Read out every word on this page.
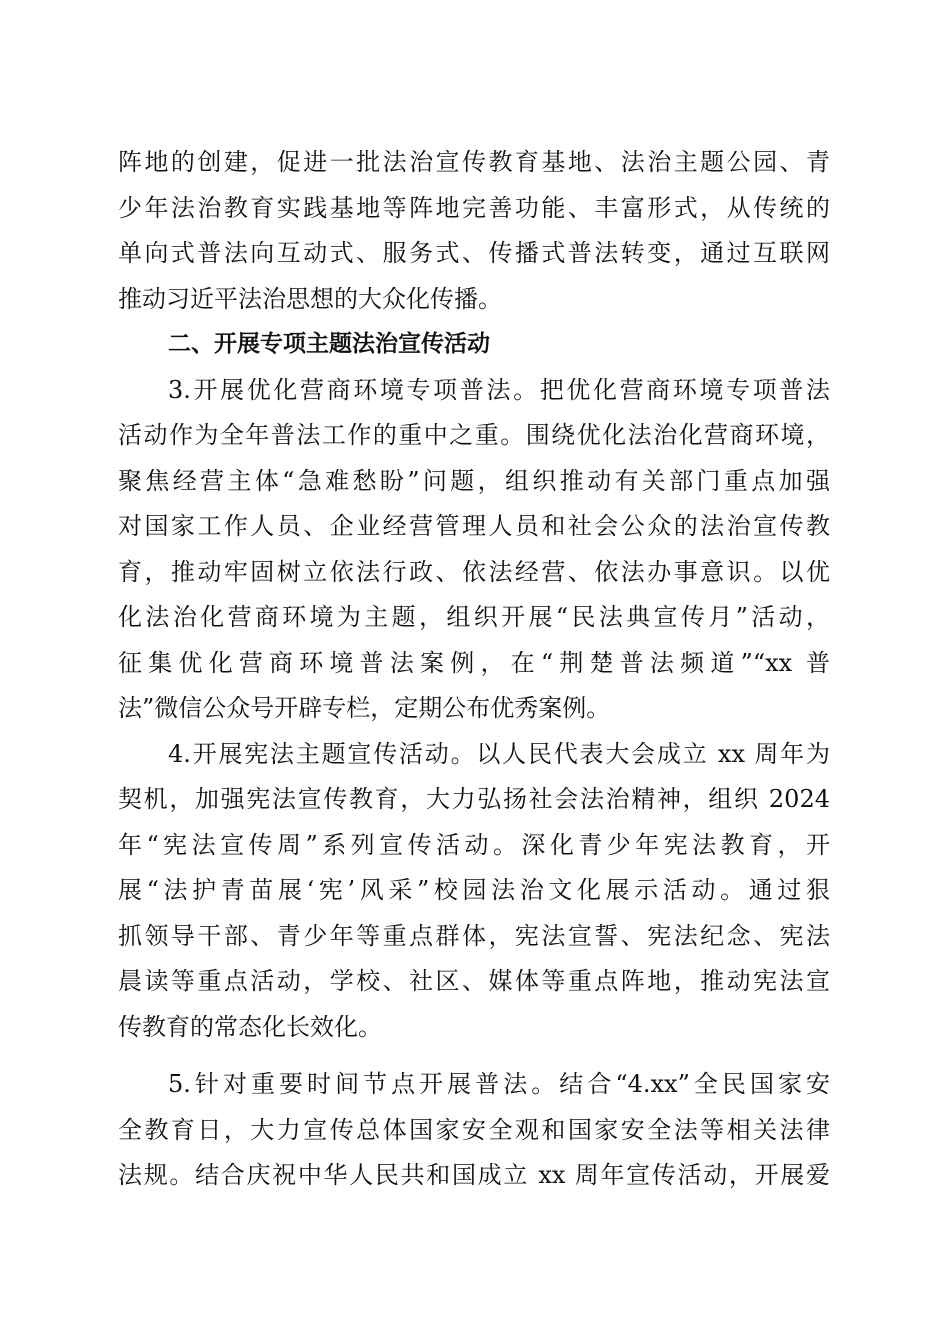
阵地的创建，促进一批法治宣传教育基地、法治主题公园、青
少年法治教育实践基地等阵地完善功能、丰富形式，从传统的
单向式普法向互动式、服务式、传播式普法转变，通过互联网
推动习近平法治思想的大众化传播。
二、开展专项主题法治宣传活动
3.开展优化营商环境专项普法。把优化营商环境专项普法
活动作为全年普法工作的重中之重。围绕优化法治化营商环境，
聚焦经营主体“急难愁盼”问题，组织推动有关部门重点加强
对国家工作人员、企业经营管理人员和社会公众的法治宣传教
育，推动牢固树立依法行政、依法经营、依法办事意识。以优
化法治化营商环境为主题，组织开展“民法典宣传月”活动，
征集优化营商环境普法案例，在“荆楚普法频道”“xx 普
法”微信公众号开辟专栏，定期公布优秀案例。
4.开展宪法主题宣传活动。以人民代表大会成立 xx 周年为
契机，加强宪法宣传教育，大力弘扬社会法治精神，组织 2024
年“宪法宣传周”系列宣传活动。深化青少年宪法教育，开
展“法护青苗展‘宪’风采”校园法治文化展示活动。通过狠
抓领导干部、青少年等重点群体，宪法宣誓、宪法纪念、宪法
晨读等重点活动，学校、社区、媒体等重点阵地，推动宪法宣
传教育的常态化长效化。
5.针对重要时间节点开展普法。结合“4.xx”全民国家安
全教育日，大力宣传总体国家安全观和国家安全法等相关法律
法规。结合庆祝中华人民共和国成立 xx 周年宣传活动，开展爱
